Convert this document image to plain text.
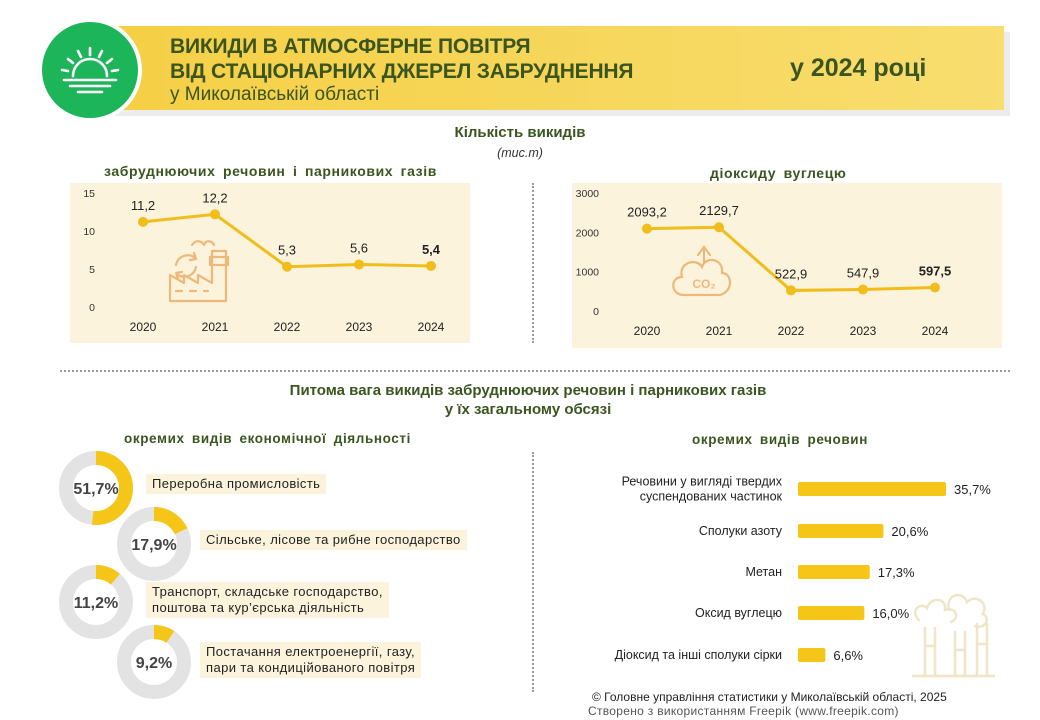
ВИКИДИ В АТМОСФЕРНЕ ПОВІТРЯ
ВІД СТАЦІОНАРНИХ ДЖЕРЕЛ ЗАБРУДНЕННЯ
у Миколаївській області
у 2024 році
Кількість викидів
(тис.т)
забруднюючих речовин і парникових газів	діоксиду вуглецю
0
5
10
15
2020	2021	2022	2023	2024
11,2
12,2
5,3	5,6	5,4
0
1000
2000
3000
2020	2021	2022	2023	2024
CO₂
2093,2 2129,7
522,9	547,9	597,5
Питома вага викидів забруднюючих речовин і парникових газів
у їх загальному обсязі
окремих видів економічної діяльності	окремих видів речовин
51,7%
17,9%
11,2%
9,2%
Переробна промисловість
Сільське, лісове та рибне господарство
Транспорт, складське господарство,
поштова та кур’єрська діяльність
Постачання електроенергії, газу,
пари та кондиційованого повітря
Речовини у вигляді твердих
суспендованих частинок	35,7%
Сполуки азоту	20,6%
Метан	17,3%
Оксид вуглецю	16,0%
Діоксид та інші сполуки сірки	6,6%
© Головне управління статистики у Миколаївській області, 2025
Створено з використанням Freepik (www.freepik.com)
